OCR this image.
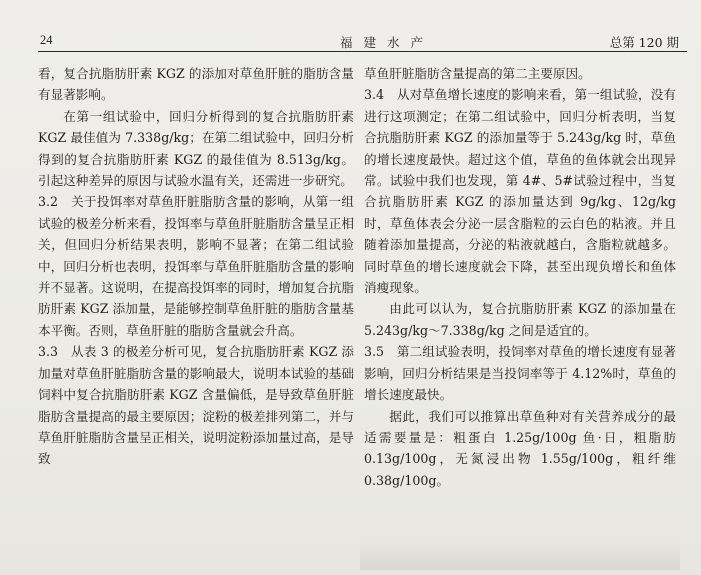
24	福建水产	总第 120 期

看，复合抗脂肪肝素 KGZ 的添加对草鱼肝脏的脂肪含量有显著影响。

在第一组试验中，回归分析得到的复合抗脂肪肝素 KGZ 最佳值为 7.338g/kg；在第二组试验中，回归分析得到的复合抗脂肪肝素 KGZ 的最佳值为 8.513g/kg。引起这种差异的原因与试验水温有关，还需进一步研究。

3.2　关于投饵率对草鱼肝脏脂肪含量的影响，从第一组试验的极差分析来看，投饵率与草鱼肝脏脂肪含量呈正相关，但回归分析结果表明，影响不显著；在第二组试验中，回归分析也表明，投饵率与草鱼肝脏脂肪含量的影响并不显著。这说明，在提高投饵率的同时，增加复合抗脂肪肝素 KGZ 添加量，是能够控制草鱼肝脏的脂肪含量基本平衡。否则，草鱼肝脏的脂肪含量就会升高。

3.3　从表 3 的极差分析可见，复合抗脂肪肝素 KGZ 添加量对草鱼肝脏脂肪含量的影响最大，说明本试验的基础饲料中复合抗脂肪肝素 KGZ 含量偏低，是导致草鱼肝脏脂肪含量提高的最主要原因；淀粉的极差排列第二，并与草鱼肝脏脂肪含量呈正相关，说明淀粉添加量过高，是导致

草鱼肝脏脂肪含量提高的第二主要原因。

3.4　从对草鱼增长速度的影响来看，第一组试验，没有进行这项测定；在第二组试验中，回归分析表明，当复合抗脂肪肝素 KGZ 的添加量等于 5.243g/kg 时，草鱼的增长速度最快。超过这个值，草鱼的鱼体就会出现异常。试验中我们也发现，第 4#、5#试验过程中，当复合抗脂肪肝素 KGZ 的添加量达到 9g/kg、12g/kg 时，草鱼体表会分泌一层含脂粒的云白色的粘液。并且随着添加量提高，分泌的粘液就越白，含脂粒就越多。同时草鱼的增长速度就会下降，甚至出现负增长和鱼体消瘦现象。

由此可以认为，复合抗脂肪肝素 KGZ 的添加量在 5.243g/kg～7.338g/kg 之间是适宜的。

3.5　第二组试验表明，投饲率对草鱼的增长速度有显著影响，回归分析结果是当投饲率等于 4.12%时，草鱼的增长速度最快。

据此，我们可以推算出草鱼种对有关营养成分的最适需要量是：粗蛋白 1.25g/100g 鱼·日，粗脂肪 0.13g/100g，无氮浸出物 1.55g/100g，粗纤维 0.38g/100g。
